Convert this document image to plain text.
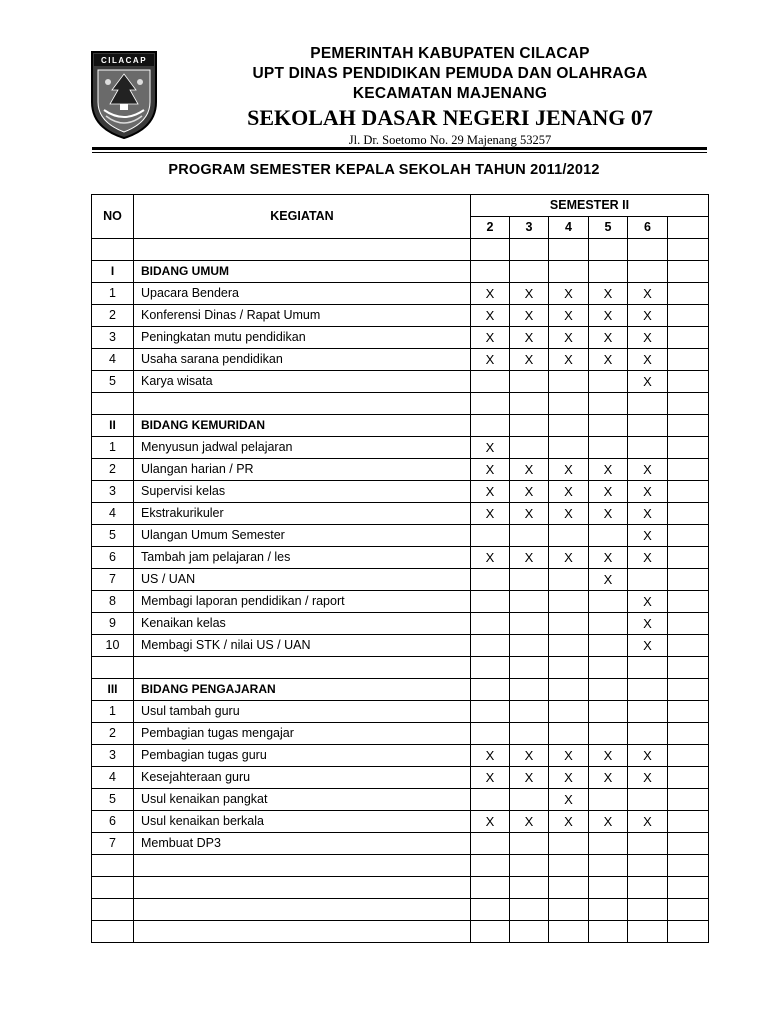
CILACAP	PEMERINTAH KABUPATEN CILACAP
UPT DINAS PENDIDIKAN PEMUDA DAN OLAHRAGA
KECAMATAN MAJENANG
SEKOLAH DASAR NEGERI JENANG 07
Jl. Dr. Soetomo No. 29 Majenang 53257
PROGRAM SEMESTER KEPALA SEKOLAH TAHUN 2011/2012
NO	KEGIATAN	SEMESTER II					
		2	3	4	5	6	

I	BIDANG UMUM						
1	Upacara Bendera	X	X	X	X	X	
2	Konferensi Dinas / Rapat Umum	X	X	X	X	X	
3	Peningkatan mutu pendidikan	X	X	X	X	X	
4	Usaha sarana pendidikan	X	X	X	X	X	
5	Karya wisata					X	

II	BIDANG KEMURIDAN						
1	Menyusun jadwal pelajaran	X					
2	Ulangan harian / PR	X	X	X	X	X	
3	Supervisi kelas	X	X	X	X	X	
4	Ekstrakurikuler	X	X	X	X	X	
5	Ulangan Umum Semester					X	
6	Tambah jam pelajaran / les	X	X	X	X	X	
7	US / UAN				X		
8	Membagi laporan pendidikan / raport					X	
9	Kenaikan kelas					X	
10	Membagi STK / nilai US / UAN					X	

III	BIDANG PENGAJARAN						
1	Usul tambah guru						
2	Pembagian tugas mengajar						
3	Pembagian tugas guru	X	X	X	X	X	
4	Kesejahteraan guru	X	X	X	X	X	
5	Usul kenaikan pangkat			X			
6	Usul kenaikan berkala	X	X	X	X	X	
7	Membuat DP3						
